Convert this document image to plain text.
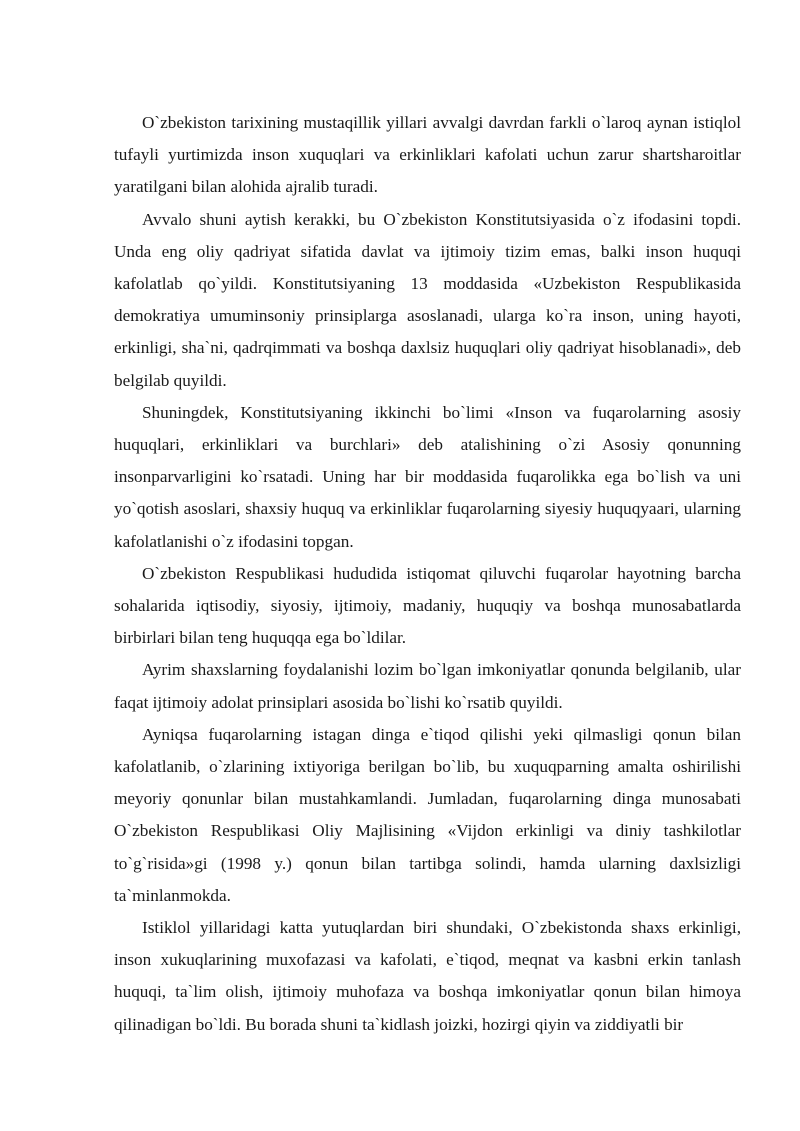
O`zbekiston tarixining mustaqillik yillari avvalgi davrdan farkli o`laroq aynan istiqlol tufayli yurtimizda inson xuquqlari va erkinliklari kafolati uchun zarur shartsharoitlar yaratilgani bilan alohida ajralib turadi.

Avvalo shuni aytish kerakki, bu O`zbekiston Konstitutsiyasida o`z ifodasini topdi. Unda eng oliy qadriyat sifatida davlat va ijtimoiy tizim emas, balki inson huquqi kafolatlab qo`yildi. Konstitutsiyaning 13 moddasida «Uzbekiston Respublikasida demokratiya umuminsoniy prinsiplarga asoslanadi, ularga ko`ra inson, uning hayoti, erkinligi, sha`ni, qadrqimmati va boshqa daxlsiz huquqlari oliy qadriyat hisoblanadi», deb belgilab quyildi.

Shuningdek, Konstitutsiyaning ikkinchi bo`limi «Inson va fuqarolarning asosiy huquqlari, erkinliklari va burchlari» deb atalishining o`zi Asosiy qonunning insonparvarligini ko`rsatadi. Uning har bir moddasida fuqarolikka ega bo`lish va uni yo`qotish asoslari, shaxsiy huquq va erkinliklar fuqarolarning siyesiy huquqyaari, ularning kafolatlanishi o`z ifodasini topgan.

O`zbekiston Respublikasi hududida istiqomat qiluvchi fuqarolar hayotning barcha sohalarida iqtisodiy, siyosiy, ijtimoiy, madaniy, huquqiy va boshqa munosabatlarda birbirlari bilan teng huquqqa ega bo`ldilar.

Ayrim shaxslarning foydalanishi lozim bo`lgan imkoniyatlar qonunda belgilanib, ular faqat ijtimoiy adolat prinsiplari asosida bo`lishi ko`rsatib quyildi.

Ayniqsa fuqarolarning istagan dinga e`tiqod qilishi yeki qilmasligi qonun bilan kafolatlanib, o`zlarining ixtiyoriga berilgan bo`lib, bu xuquqparning amalta oshirilishi meyoriy qonunlar bilan mustahkamlandi. Jumladan, fuqarolarning dinga munosabati O`zbekiston Respublikasi Oliy Majlisining «Vijdon erkinligi va diniy tashkilotlar to`g`risida»gi (1998 y.) qonun bilan tartibga solindi, hamda ularning daxlsizligi ta`minlanmokda.

Istiklol yillaridagi katta yutuqlardan biri shundaki, O`zbekistonda shaxs erkinligi, inson xukuqlarining muxofazasi va kafolati, e`tiqod, meqnat va kasbni erkin tanlash huquqi, ta`lim olish, ijtimoiy muhofaza va boshqa imkoniyatlar qonun bilan himoya qilinadigan bo`ldi. Bu borada shuni ta`kidlash joizki, hozirgi qiyin va ziddiyatli bir
